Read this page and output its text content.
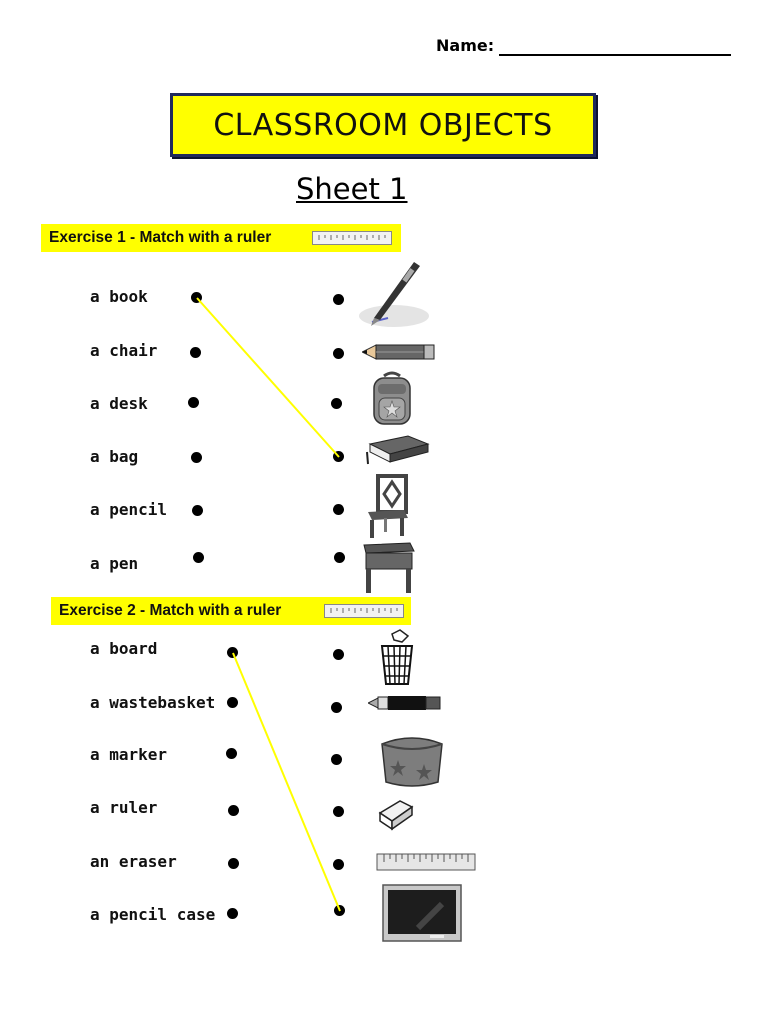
Name:
CLASSROOM OBJECTS
Sheet 1
Exercise 1 - Match with a ruler
a book
a chair
a desk
a bag
a pencil
a pen
Exercise 2 - Match with a ruler
a board
a wastebasket
a marker
a ruler
an eraser
a pencil case
